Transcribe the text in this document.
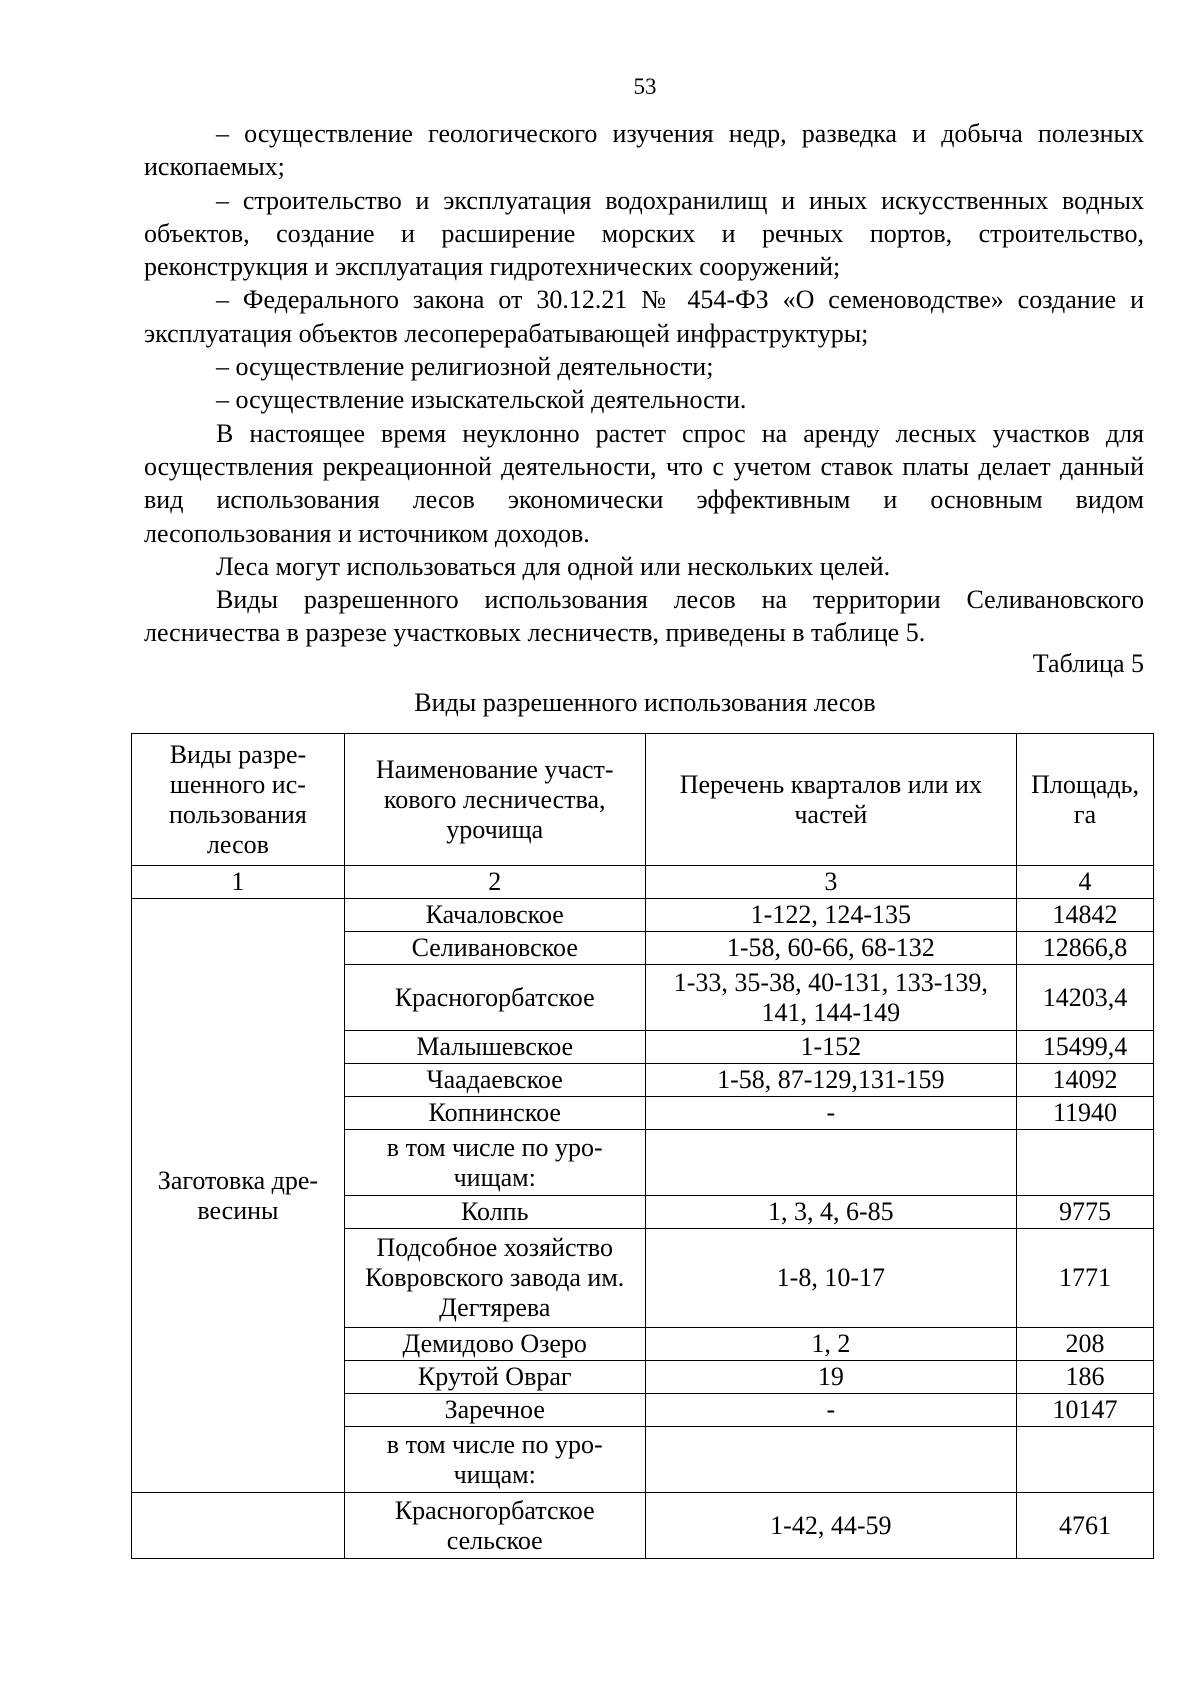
53

– осуществление геологического изучения недр, разведка и добыча полезных ископаемых;

– строительство и эксплуатация водохранилищ и иных искусственных водных объектов, создание и расширение морских и речных портов, строительство, реконструкция и эксплуатация гидротехнических сооружений;

– Федерального закона от 30.12.21 № 454-ФЗ «О семеноводстве» создание и эксплуатация объектов лесоперерабатывающей инфраструктуры;

– осуществление религиозной деятельности;

– осуществление изыскательской деятельности.

В настоящее время неуклонно растет спрос на аренду лесных участков для осуществления рекреационной деятельности, что с учетом ставок платы делает данный вид использования лесов экономически эффективным и основным видом лесопользования и источником доходов.

Леса могут использоваться для одной или нескольких целей.

Виды разрешенного использования лесов на территории Селивановского лесничества в разрезе участковых лесничеств, приведены в таблице 5.

Таблица 5
Виды разрешенного использования лесов
Виды разре-шенного ис-пользования лесов	Наименование участ-кового лесничества, урочища	Перечень кварталов или их частей	Площадь, га
1	2	3	4
Заготовка дре-весины	Качаловское	1-122, 124-135	14842
	Селивановское	1-58, 60-66, 68-132	12866,8
	Красногорбатское	1-33, 35-38, 40-131, 133-139, 141, 144-149	14203,4
	Малышевское	1-152	15499,4
	Чаадаевское	1-58, 87-129,131-159	14092
	Копнинское	-	11940
	в том числе по уро-чищам:		
	Колпь	1, 3, 4, 6-85	9775
	Подсобное хозяйство Ковровского завода им. Дегтярева	1-8, 10-17	1771
	Демидово Озеро	1, 2	208
	Крутой Овраг	19	186
	Заречное	-	10147
	в том числе по уро-чищам:		
	Красногорбатское сельское	1-42, 44-59	4761
